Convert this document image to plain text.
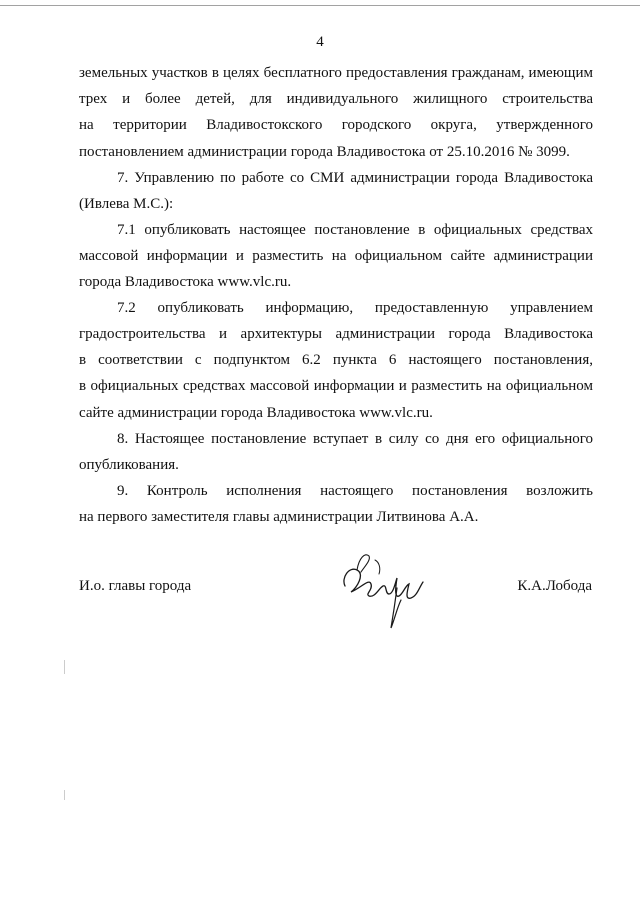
4
земельных участков в целях бесплатного предоставления гражданам, имеющим
трех и более детей, для индивидуального жилищного строительства
на территории Владивостокского городского округа, утвержденного
постановлением администрации города Владивостока от 25.10.2016 № 3099.
7. Управлению по работе со СМИ администрации города Владивостока
(Ивлева М.С.):
7.1 опубликовать настоящее постановление в официальных средствах
массовой информации и разместить на официальном сайте администрации
города Владивостока www.vlc.ru.
7.2 опубликовать информацию, предоставленную управлением
градостроительства и архитектуры администрации города Владивостока
в соответствии с подпунктом 6.2 пункта 6 настоящего постановления,
в официальных средствах массовой информации и разместить на официальном
сайте администрации города Владивостока www.vlc.ru.
8. Настоящее постановление вступает в силу со дня его официального
опубликования.
9. Контроль исполнения настоящего постановления возложить
на первого заместителя главы администрации Литвинова А.А.
И.о. главы города	К.А.Лобода
